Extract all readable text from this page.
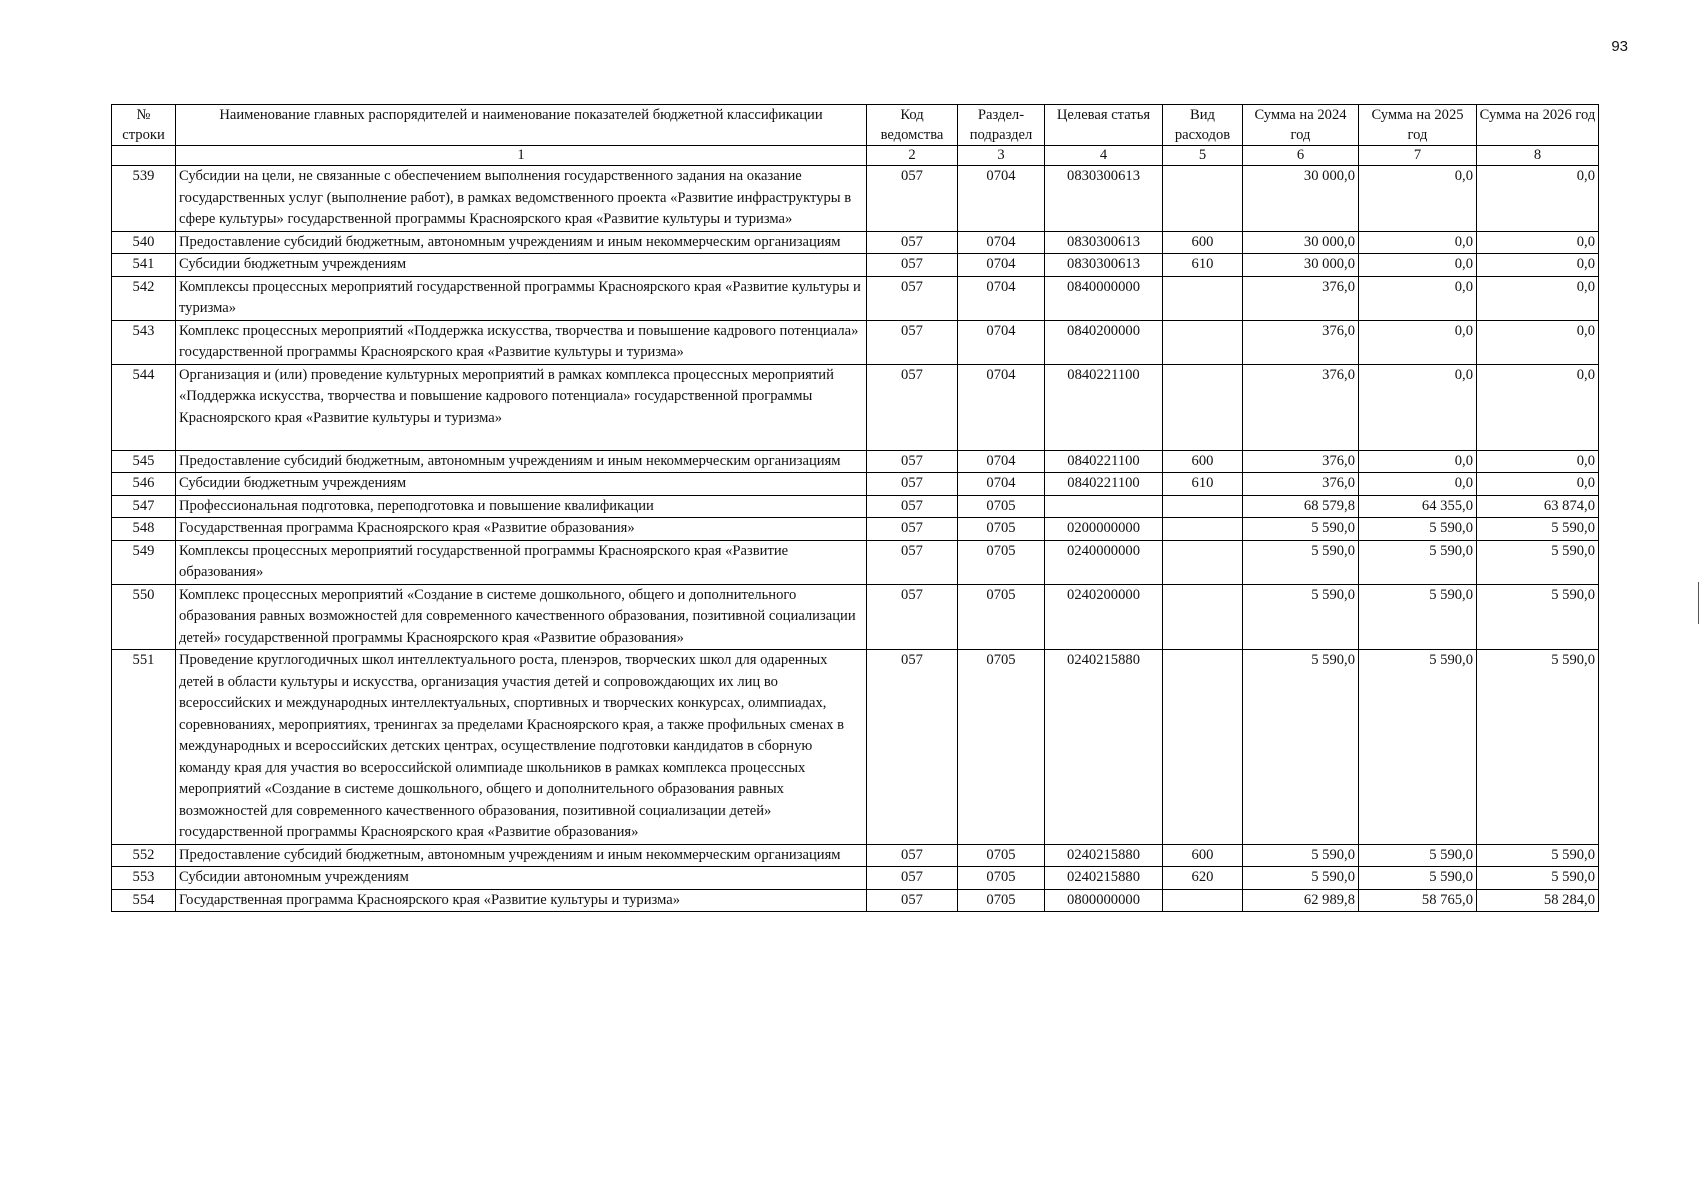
93
№ строки	Наименование главных распорядителей и наименование показателей бюджетной классификации	Код ведомства	Раздел-подраздел	Целевая статья	Вид расходов	Сумма на 2024 год	Сумма на 2025 год	Сумма на 2026 год
	1	2	3	4	5	6	7	8
539	Субсидии на цели, не связанные с обеспечением выполнения государственного задания на оказание государственных услуг (выполнение работ), в рамках ведомственного проекта «Развитие инфраструктуры в сфере культуры» государственной программы Красноярского края «Развитие культуры и туризма»	057	0704	0830300613		30 000,0	0,0	0,0
540	Предоставление субсидий бюджетным, автономным учреждениям и иным некоммерческим организациям	057	0704	0830300613	600	30 000,0	0,0	0,0
541	Субсидии бюджетным учреждениям	057	0704	0830300613	610	30 000,0	0,0	0,0
542	Комплексы процессных мероприятий государственной программы Красноярского края «Развитие культуры и туризма»	057	0704	0840000000		376,0	0,0	0,0
543	Комплекс процессных мероприятий «Поддержка искусства, творчества и повышение кадрового потенциала» государственной программы Красноярского края «Развитие культуры и туризма»	057	0704	0840200000		376,0	0,0	0,0
544	Организация и (или) проведение культурных мероприятий в рамках комплекса процессных мероприятий «Поддержка искусства, творчества и повышение кадрового потенциала» государственной программы Красноярского края «Развитие культуры и туризма»	057	0704	0840221100		376,0	0,0	0,0
545	Предоставление субсидий бюджетным, автономным учреждениям и иным некоммерческим организациям	057	0704	0840221100	600	376,0	0,0	0,0
546	Субсидии бюджетным учреждениям	057	0704	0840221100	610	376,0	0,0	0,0
547	Профессиональная подготовка, переподготовка и повышение квалификации	057	0705			68 579,8	64 355,0	63 874,0
548	Государственная программа Красноярского края «Развитие образования»	057	0705	0200000000		5 590,0	5 590,0	5 590,0
549	Комплексы процессных мероприятий государственной программы Красноярского края «Развитие образования»	057	0705	0240000000		5 590,0	5 590,0	5 590,0
550	Комплекс процессных мероприятий «Создание в системе дошкольного, общего и дополнительного образования равных возможностей для современного качественного образования, позитивной социализации детей» государственной программы Красноярского края «Развитие образования»	057	0705	0240200000		5 590,0	5 590,0	5 590,0
551	Проведение круглогодичных школ интеллектуального роста, пленэров, творческих школ для одаренных детей в области культуры и искусства, организация участия детей и сопровождающих их лиц во всероссийских и международных интеллектуальных, спортивных и творческих конкурсах, олимпиадах, соревнованиях, мероприятиях, тренингах за пределами Красноярского края, а также профильных сменах в международных и всероссийских детских центрах, осуществление подготовки кандидатов в сборную команду края для участия во всероссийской олимпиаде школьников в рамках комплекса процессных мероприятий «Создание в системе дошкольного, общего и дополнительного образования равных возможностей для современного качественного образования, позитивной социализации детей» государственной программы Красноярского края «Развитие образования»	057	0705	0240215880		5 590,0	5 590,0	5 590,0
552	Предоставление субсидий бюджетным, автономным учреждениям и иным некоммерческим организациям	057	0705	0240215880	600	5 590,0	5 590,0	5 590,0
553	Субсидии автономным учреждениям	057	0705	0240215880	620	5 590,0	5 590,0	5 590,0
554	Государственная программа Красноярского края «Развитие культуры и туризма»	057	0705	0800000000		62 989,8	58 765,0	58 284,0
